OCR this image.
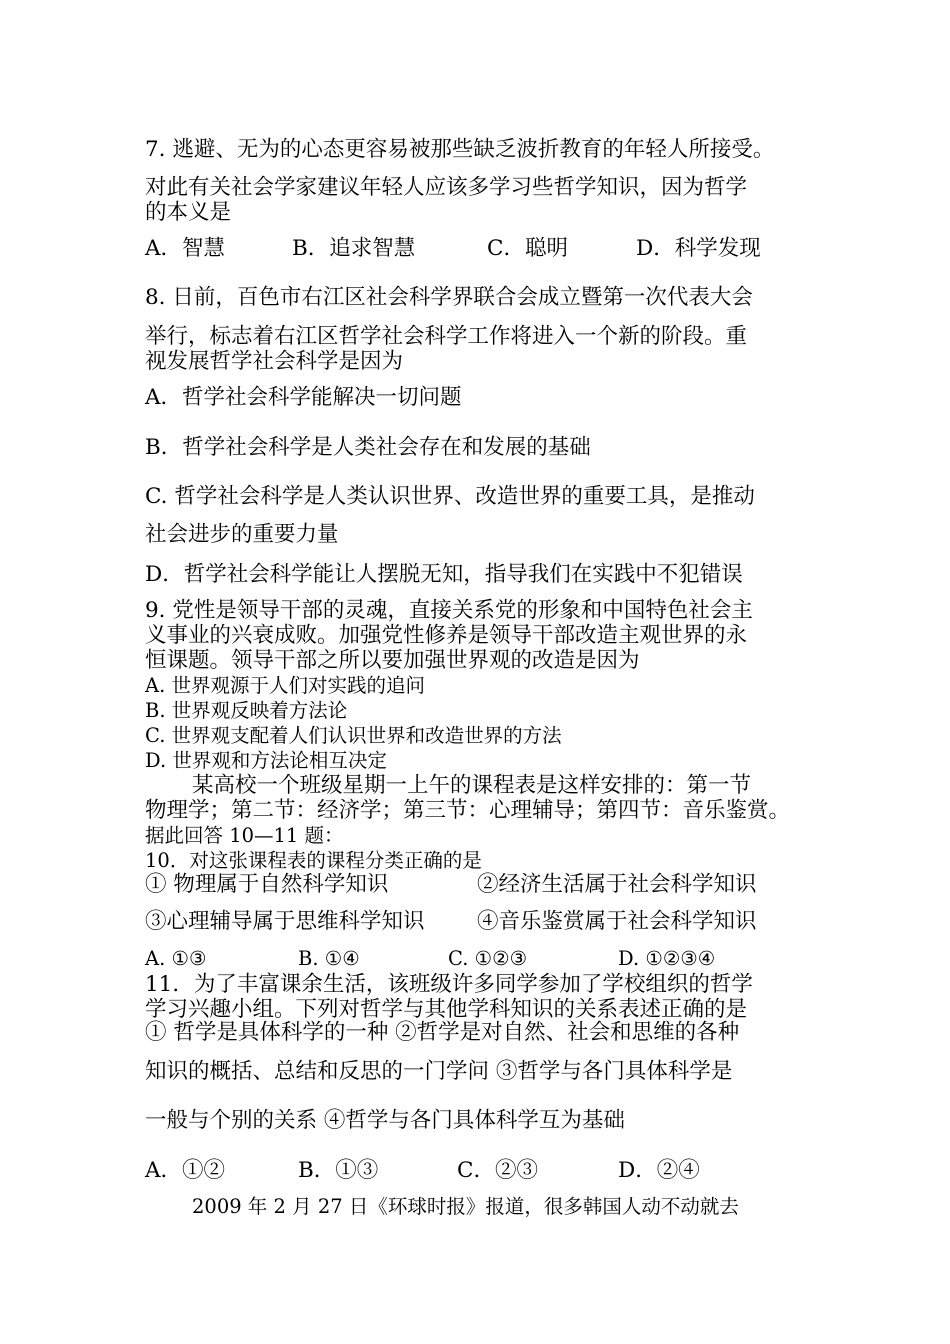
7. 逃避、无为的心态更容易被那些缺乏波折教育的年轻人所接受。
对此有关社会学家建议年轻人应该多学习些哲学知识，因为哲学
的本义是
A．智慧	B．追求智慧	C．聪明	D．科学发现
8. 日前，百色市右江区社会科学界联合会成立暨第一次代表大会
举行，标志着右江区哲学社会科学工作将进入一个新的阶段。重
视发展哲学社会科学是因为
A．哲学社会科学能解决一切问题
B．哲学社会科学是人类社会存在和发展的基础
C. 哲学社会科学是人类认识世界、改造世界的重要工具，是推动
社会进步的重要力量
D．哲学社会科学能让人摆脱无知，指导我们在实践中不犯错误
9. 党性是领导干部的灵魂，直接关系党的形象和中国特色社会主
义事业的兴衰成败。加强党性修养是领导干部改造主观世界的永
恒课题。领导干部之所以要加强世界观的改造是因为
A. 世界观源于人们对实践的追问
B. 世界观反映着方法论
C. 世界观支配着人们认识世界和改造世界的方法
D. 世界观和方法论相互决定
某高校一个班级星期一上午的课程表是这样安排的：第一节
物理学；第二节：经济学；第三节：心理辅导；第四节：音乐鉴赏。
据此回答 10—11 题：
10．对这张课程表的课程分类正确的是
① 物理属于自然科学知识	②经济生活属于社会科学知识
③心理辅导属于思维科学知识 ④音乐鉴赏属于社会科学知识
A. ①③	B. ①④	C. ①②③	D. ①②③④
11．为了丰富课余生活，该班级许多同学参加了学校组织的哲学
学习兴趣小组。下列对哲学与其他学科知识的关系表述正确的是
① 哲学是具体科学的一种 ②哲学是对自然、社会和思维的各种
知识的概括、总结和反思的一门学问 ③哲学与各门具体科学是
一般与个别的关系 ④哲学与各门具体科学互为基础
A．①②	B．①③	C．②③	D．②④
2009 年 2 月 27 日《环球时报》报道，很多韩国人动不动就去
